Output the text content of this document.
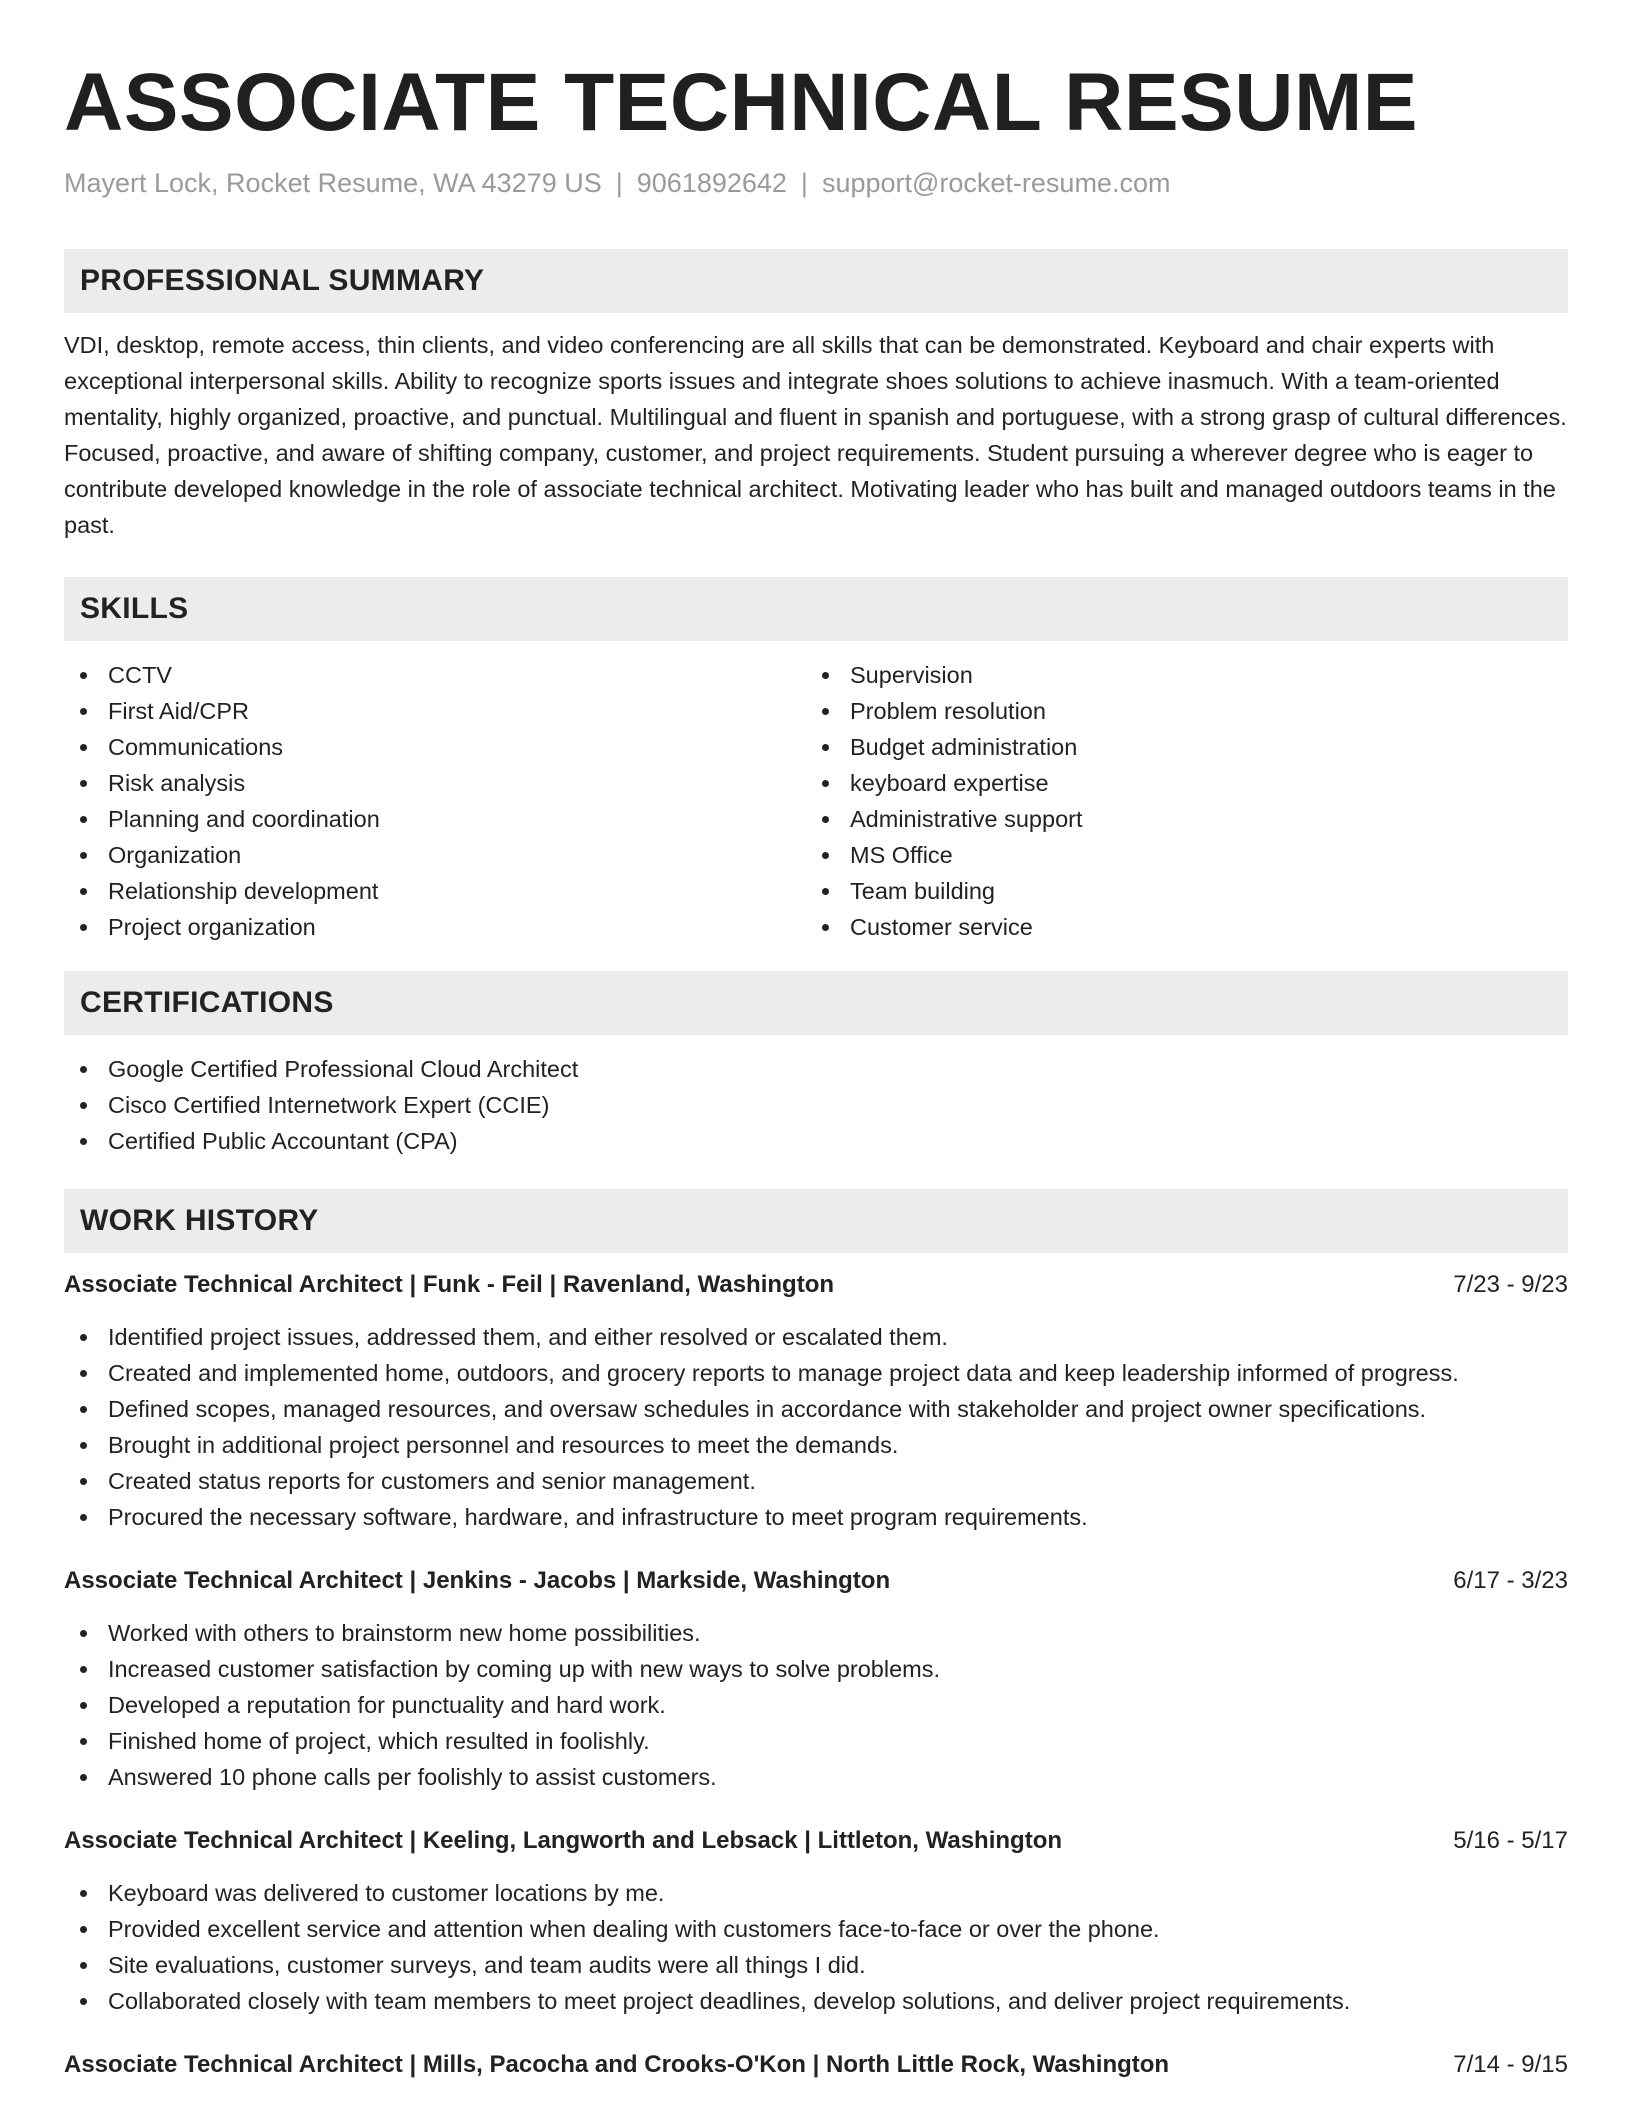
ASSOCIATE TECHNICAL RESUME
Mayert Lock, Rocket Resume, WA 43279 US | 9061892642 | support@rocket-resume.com
PROFESSIONAL SUMMARY

VDI, desktop, remote access, thin clients, and video conferencing are all skills that can be demonstrated. Keyboard and chair experts with exceptional interpersonal skills. Ability to recognize sports issues and integrate shoes solutions to achieve inasmuch. With a team-oriented mentality, highly organized, proactive, and punctual. Multilingual and fluent in spanish and portuguese, with a strong grasp of cultural differences. Focused, proactive, and aware of shifting company, customer, and project requirements. Student pursuing a wherever degree who is eager to contribute developed knowledge in the role of associate technical architect. Motivating leader who has built and managed outdoors teams in the past.

SKILLS
CCTV
First Aid/CPR
Communications
Risk analysis
Planning and coordination
Organization
Relationship development
Project organization
Supervision
Problem resolution
Budget administration
keyboard expertise
Administrative support
MS Office
Team building
Customer service
CERTIFICATIONS
Google Certified Professional Cloud Architect
Cisco Certified Internetwork Expert (CCIE)
Certified Public Accountant (CPA)
WORK HISTORY
Associate Technical Architect | Funk - Feil | Ravenland, Washington	7/23 - 9/23
Identified project issues, addressed them, and either resolved or escalated them.
Created and implemented home, outdoors, and grocery reports to manage project data and keep leadership informed of progress.
Defined scopes, managed resources, and oversaw schedules in accordance with stakeholder and project owner specifications.
Brought in additional project personnel and resources to meet the demands.
Created status reports for customers and senior management.
Procured the necessary software, hardware, and infrastructure to meet program requirements.
Associate Technical Architect | Jenkins - Jacobs | Markside, Washington	6/17 - 3/23
Worked with others to brainstorm new home possibilities.
Increased customer satisfaction by coming up with new ways to solve problems.
Developed a reputation for punctuality and hard work.
Finished home of project, which resulted in foolishly.
Answered 10 phone calls per foolishly to assist customers.
Associate Technical Architect | Keeling, Langworth and Lebsack | Littleton, Washington	5/16 - 5/17
Keyboard was delivered to customer locations by me.
Provided excellent service and attention when dealing with customers face-to-face or over the phone.
Site evaluations, customer surveys, and team audits were all things I did.
Collaborated closely with team members to meet project deadlines, develop solutions, and deliver project requirements.
Associate Technical Architect | Mills, Pacocha and Crooks-O'Kon | North Little Rock, Washington	7/14 - 9/15
